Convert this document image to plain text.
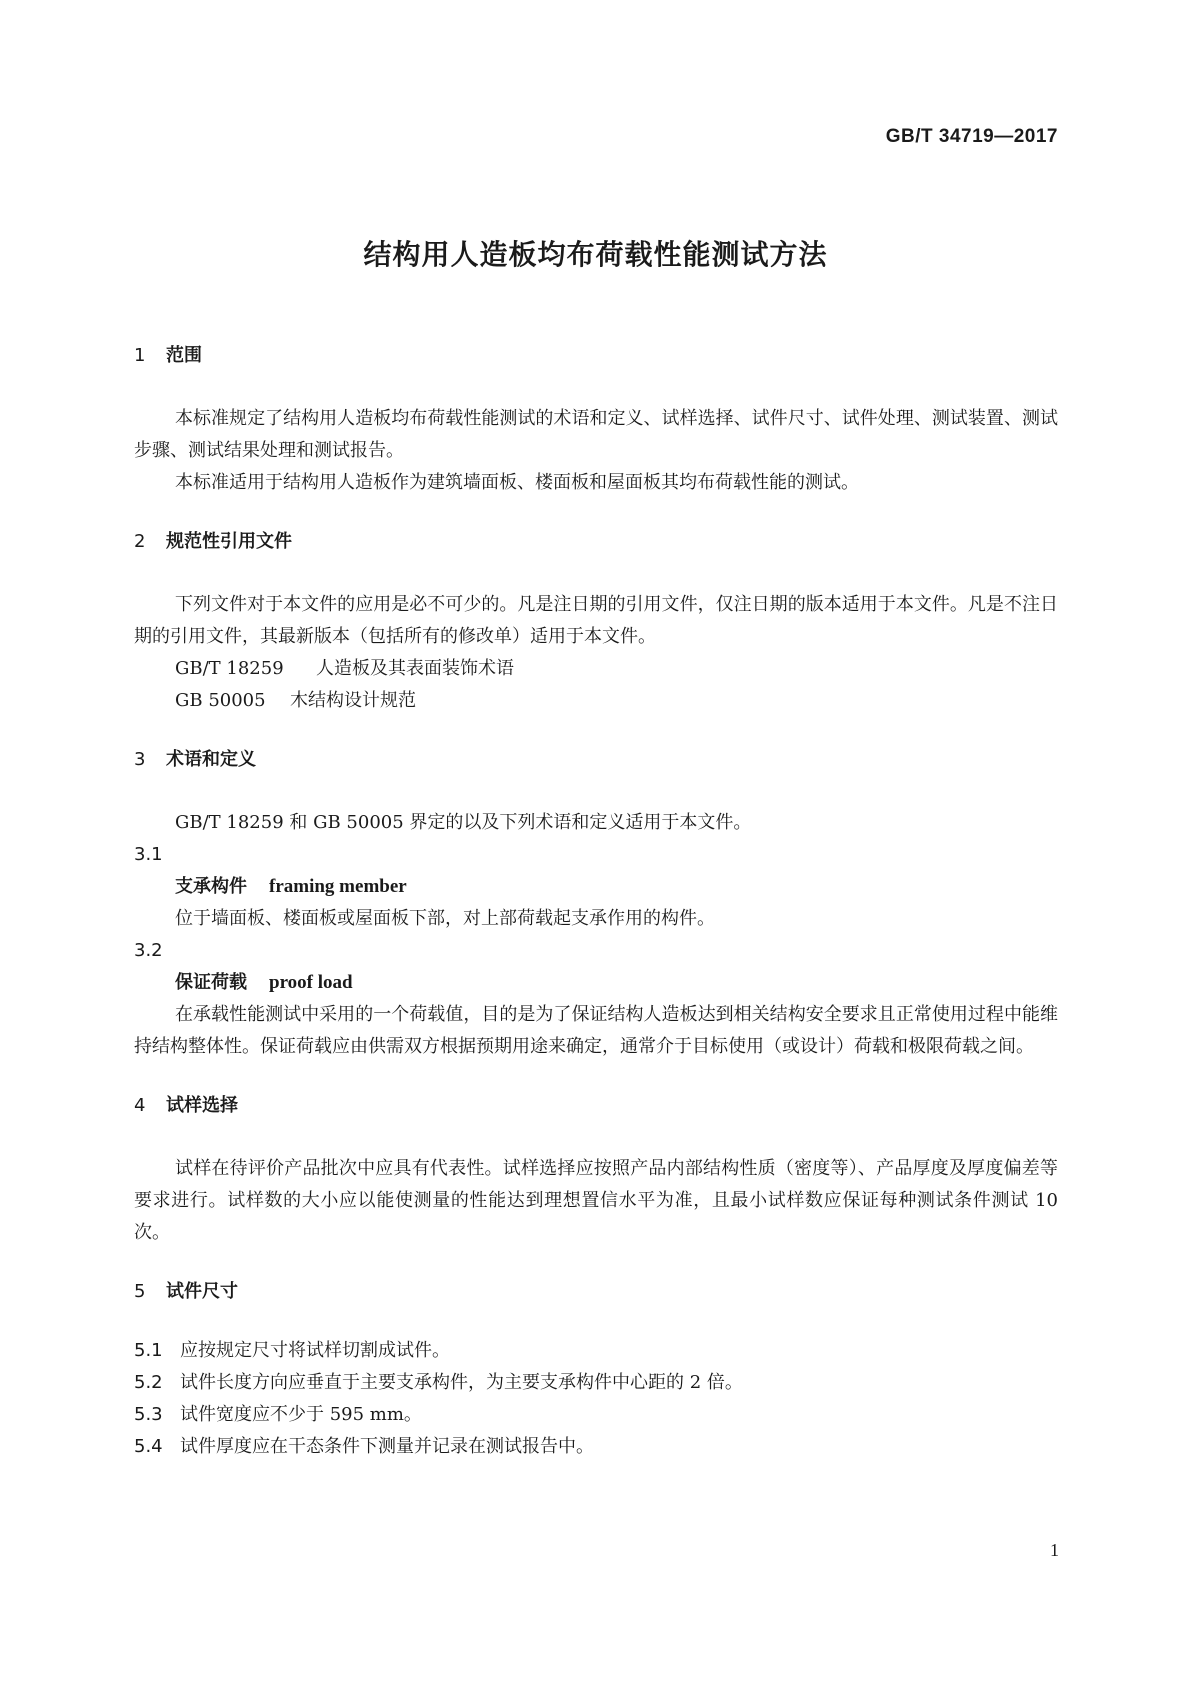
GB/T 34719—2017
结构用人造板均布荷载性能测试方法
1 范围
本标准规定了结构用人造板均布荷载性能测试的术语和定义、试样选择、试件尺寸、试件处理、测试装置、测试步骤、测试结果处理和测试报告。
本标准适用于结构用人造板作为建筑墙面板、楼面板和屋面板其均布荷载性能的测试。
2 规范性引用文件
下列文件对于本文件的应用是必不可少的。凡是注日期的引用文件，仅注日期的版本适用于本文件。凡是不注日期的引用文件，其最新版本（包括所有的修改单）适用于本文件。
GB/T 18259 人造板及其表面装饰术语
GB 50005 木结构设计规范
3 术语和定义
GB/T 18259 和 GB 50005 界定的以及下列术语和定义适用于本文件。
3.1
支承构件 framing member
位于墙面板、楼面板或屋面板下部，对上部荷载起支承作用的构件。
3.2
保证荷载 proof load
在承载性能测试中采用的一个荷载值，目的是为了保证结构人造板达到相关结构安全要求且正常使用过程中能维持结构整体性。保证荷载应由供需双方根据预期用途来确定，通常介于目标使用（或设计）荷载和极限荷载之间。
4 试样选择
试样在待评价产品批次中应具有代表性。试样选择应按照产品内部结构性质（密度等）、产品厚度及厚度偏差等要求进行。试样数的大小应以能使测量的性能达到理想置信水平为准，且最小试样数应保证每种测试条件测试 10 次。
5 试件尺寸
5.1 应按规定尺寸将试样切割成试件。
5.2 试件长度方向应垂直于主要支承构件，为主要支承构件中心距的 2 倍。
5.3 试件宽度应不少于 595 mm。
5.4 试件厚度应在干态条件下测量并记录在测试报告中。
1
